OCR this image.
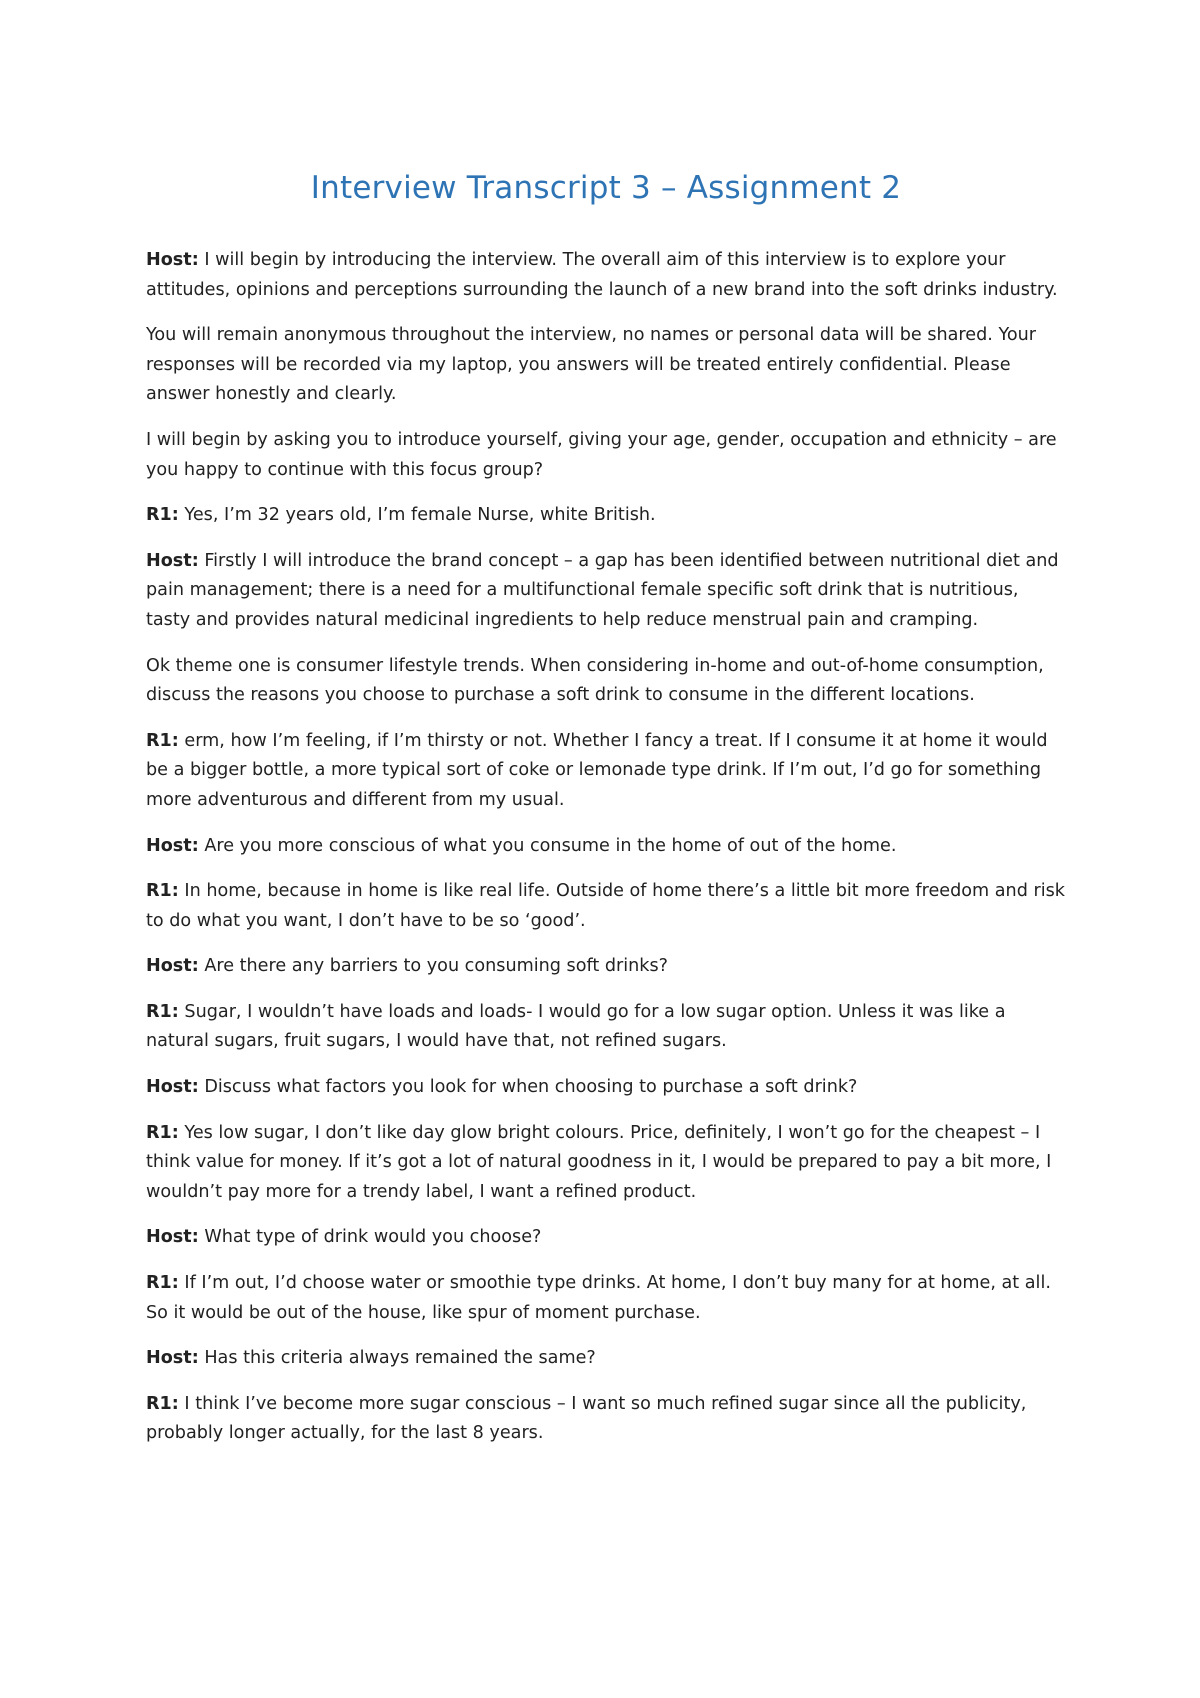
Interview Transcript 3 – Assignment 2

Host: I will begin by introducing the interview. The overall aim of this interview is to explore your attitudes, opinions and perceptions surrounding the launch of a new brand into the soft drinks industry.

You will remain anonymous throughout the interview, no names or personal data will be shared. Your responses will be recorded via my laptop, you answers will be treated entirely confidential. Please answer honestly and clearly.

I will begin by asking you to introduce yourself, giving your age, gender, occupation and ethnicity – are you happy to continue with this focus group?

R1: Yes, I’m 32 years old, I’m female Nurse, white British.

Host: Firstly I will introduce the brand concept – a gap has been identified between nutritional diet and pain management; there is a need for a multifunctional female specific soft drink that is nutritious, tasty and provides natural medicinal ingredients to help reduce menstrual pain and cramping.

Ok theme one is consumer lifestyle trends. When considering in-home and out-of-home consumption, discuss the reasons you choose to purchase a soft drink to consume in the different locations.

R1: erm, how I’m feeling, if I’m thirsty or not. Whether I fancy a treat. If I consume it at home it would be a bigger bottle, a more typical sort of coke or lemonade type drink. If I’m out, I’d go for something more adventurous and different from my usual.

Host: Are you more conscious of what you consume in the home of out of the home.

R1: In home, because in home is like real life. Outside of home there’s a little bit more freedom and risk to do what you want, I don’t have to be so ‘good’.

Host: Are there any barriers to you consuming soft drinks?

R1: Sugar, I wouldn’t have loads and loads- I would go for a low sugar option. Unless it was like a natural sugars, fruit sugars, I would have that, not refined sugars.

Host: Discuss what factors you look for when choosing to purchase a soft drink?

R1: Yes low sugar, I don’t like day glow bright colours. Price, definitely, I won’t go for the cheapest – I think value for money. If it’s got a lot of natural goodness in it, I would be prepared to pay a bit more, I wouldn’t pay more for a trendy label, I want a refined product.

Host: What type of drink would you choose?

R1: If I’m out, I’d choose water or smoothie type drinks. At home, I don’t buy many for at home, at all. So it would be out of the house, like spur of moment purchase.

Host: Has this criteria always remained the same?

R1: I think I’ve become more sugar conscious – I want so much refined sugar since all the publicity, probably longer actually, for the last 8 years.
